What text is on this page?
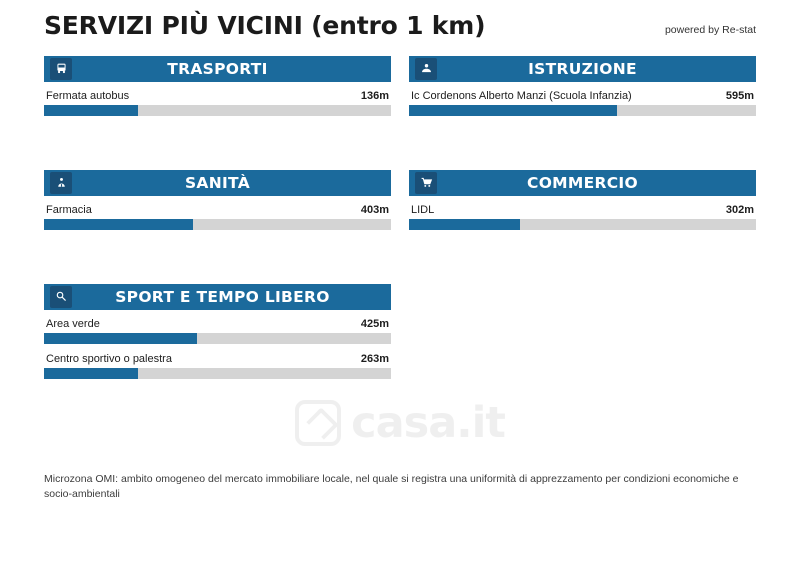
SERVIZI PIÙ VICINI (entro 1 km)	powered by Re-stat
TRASPORTI
Fermata autobus	136m
ISTRUZIONE
Ic Cordenons Alberto Manzi (Scuola Infanzia)	595m
SANITÀ
Farmacia	403m
COMMERCIO
LIDL	302m
SPORT E TEMPO LIBERO
Area verde	425m
Centro sportivo o palestra	263m
casa.it
Microzona OMI: ambito omogeneo del mercato immobiliare locale, nel quale si registra una uniformità di apprezzamento per condizioni economiche e socio-ambientali
